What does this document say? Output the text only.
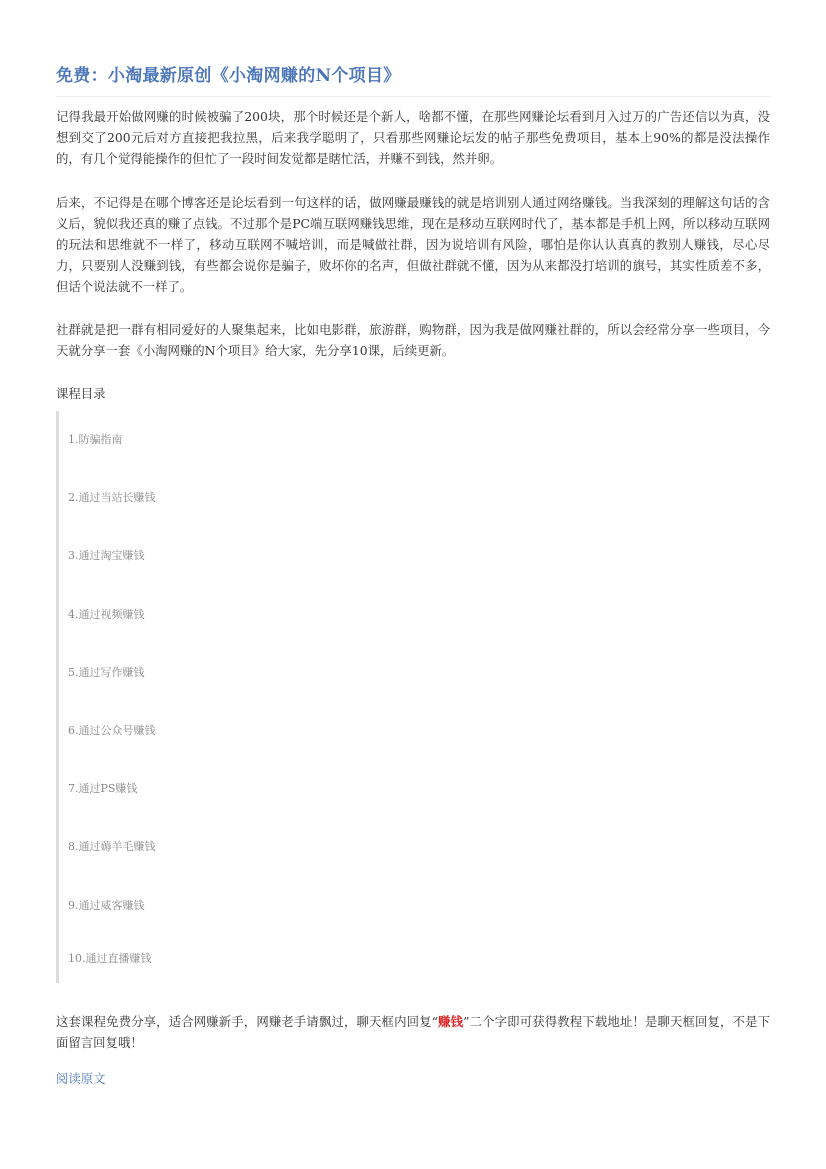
免费：小淘最新原创《小淘网赚的N个项目》

记得我最开始做网赚的时候被骗了200块，那个时候还是个新人，啥都不懂，在那些网赚论坛看到月入过万的广告还信以为真，没想到交了200元后对方直接把我拉黑，后来我学聪明了，只看那些网赚论坛发的帖子那些免费项目，基本上90%的都是没法操作的，有几个觉得能操作的但忙了一段时间发觉都是瞎忙活，并赚不到钱，然并卵。

后来，不记得是在哪个博客还是论坛看到一句这样的话，做网赚最赚钱的就是培训别人通过网络赚钱。当我深刻的理解这句话的含义后，貌似我还真的赚了点钱。不过那个是PC端互联网赚钱思维，现在是移动互联网时代了，基本都是手机上网，所以移动互联网的玩法和思维就不一样了，移动互联网不喊培训，而是喊做社群，因为说培训有风险，哪怕是你认认真真的教别人赚钱，尽心尽力，只要别人没赚到钱，有些都会说你是骗子，败坏你的名声，但做社群就不懂，因为从来都没打培训的旗号，其实性质差不多，但话个说法就不一样了。

社群就是把一群有相同爱好的人聚集起来，比如电影群，旅游群，购物群，因为我是做网赚社群的，所以会经常分享一些项目，今天就分享一套《小淘网赚的N个项目》给大家，先分享10课，后续更新。

课程目录

1.防骗指南
2.通过当站长赚钱
3.通过淘宝赚钱
4.通过视频赚钱
5.通过写作赚钱
6.通过公众号赚钱
7.通过PS赚钱
8.通过薅羊毛赚钱
9.通过威客赚钱
10.通过直播赚钱

这套课程免费分享，适合网赚新手，网赚老手请飘过，聊天框内回复“赚钱”二个字即可获得教程下载地址！是聊天框回复，不是下面留言回复哦！

阅读原文
